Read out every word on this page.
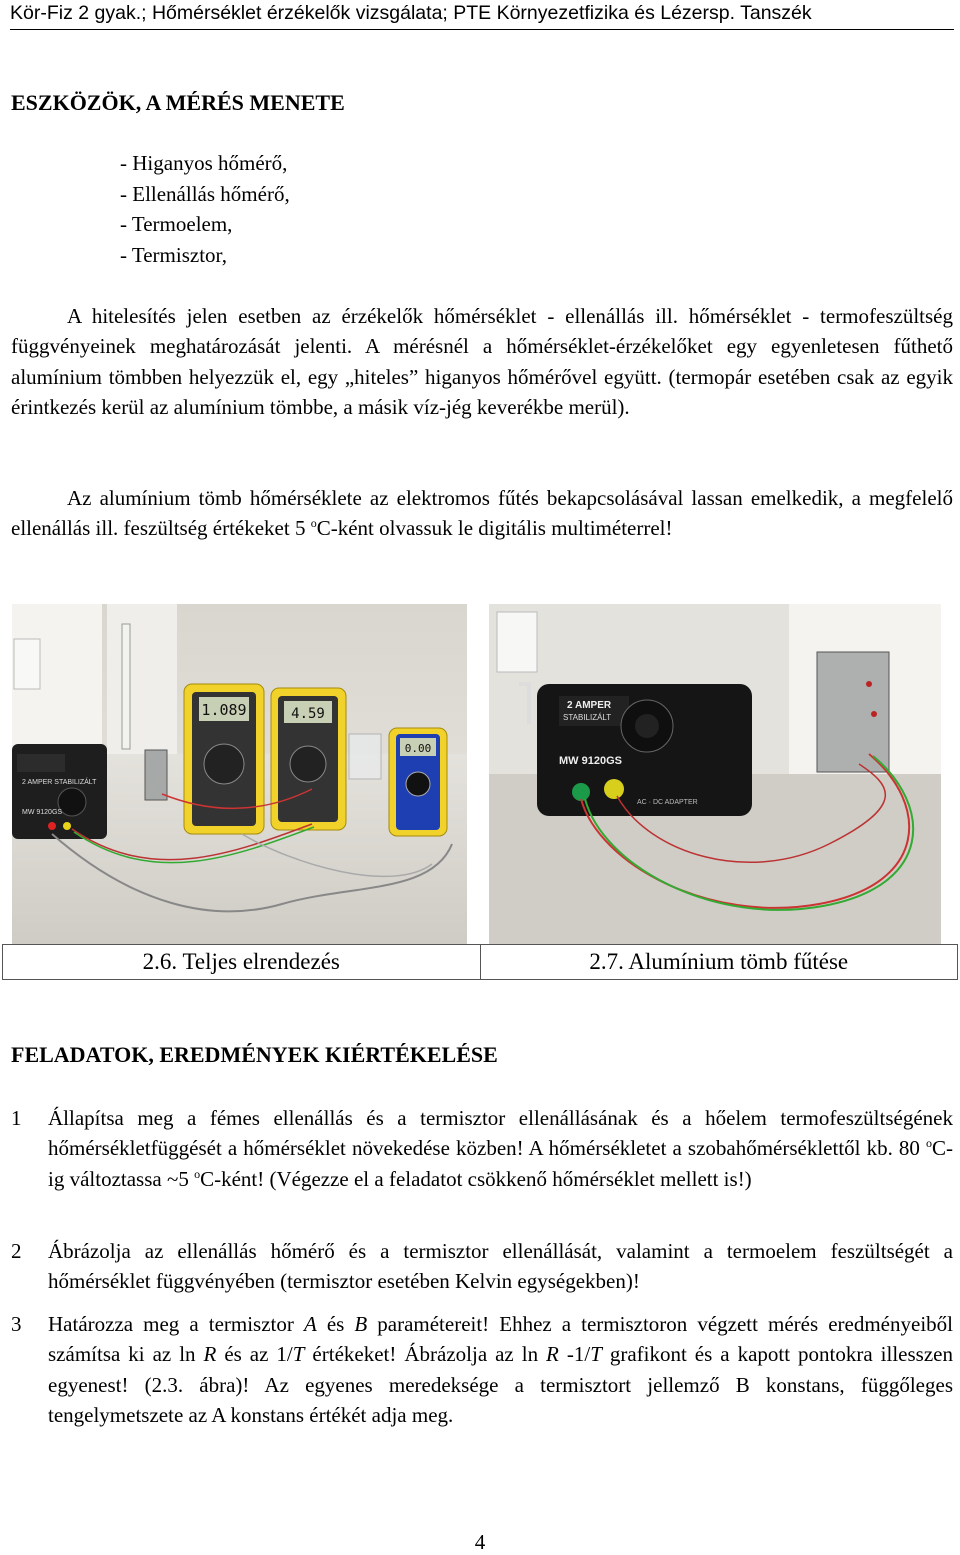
Kör-Fiz 2 gyak.; Hőmérséklet érzékelők vizsgálata; PTE Környezetfizika és Lézersp. Tanszék
ESZKÖZÖK, A MÉRÉS MENETE
- Higanyos hőmérő,
- Ellenállás hőmérő,
- Termoelem,
- Termisztor,
A hitelesítés jelen esetben az érzékelők hőmérséklet - ellenállás ill. hőmérséklet - termofeszültség függvényeinek meghatározását jelenti. A mérésnél a hőmérséklet-érzékelőket egy egyenletesen fűthető alumínium tömbben helyezzük el, egy „hiteles” higanyos hőmérővel együtt. (termopár esetében csak az egyik érintkezés kerül az alumínium tömbbe, a másik víz-jég keverékbe merül).
Az alumínium tömb hőmérséklete az elektromos fűtés bekapcsolásával lassan emelkedik, a megfelelő ellenállás ill. feszültség értékeket 5 $^o$C-ként olvassuk le digitális multiméterrel!
2 AMPER STABILIZÁLT
MW 9120GS
1.089	4.59
0.00
2 AMPER
STABILIZÁLT
MW 9120GS
AC · DC ADAPTER
2.6. Teljes elrendezés	2.7. Alumínium tömb fűtése
FELADATOK, EREDMÉNYEK KIÉRTÉKELÉSE
1 Állapítsa meg a fémes ellenállás és a termisztor ellenállásának és a hőelem termofeszültségének hőmérsékletfüggését a hőmérséklet növekedése közben! A hőmérsékletet a szobahőmérséklettől kb. 80 $^o$C-ig változtassa ~5 $^o$C-ként! (Végezze el a feladatot csökkenő hőmérséklet mellett is!)
2 Ábrázolja az ellenállás hőmérő és a termisztor ellenállását, valamint a termoelem feszültségét a hőmérséklet függvényében (termisztor esetében Kelvin egységekben)!
3 Határozza meg a termisztor A és B paramétereit! Ehhez a termisztoron végzett mérés eredményeiből számítsa ki az ln R és az 1/T értékeket! Ábrázolja az ln R -1/T grafikont és a kapott pontokra illesszen egyenest! (2.3. ábra)! Az egyenes meredeksége a termisztort jellemző B konstans, függőleges tengelymetszete az A konstans értékét adja meg.
4
